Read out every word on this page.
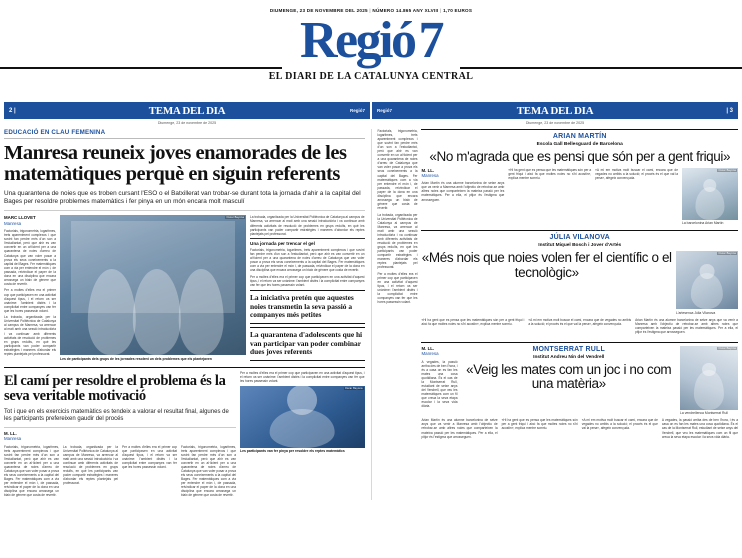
DIUMENGE, 23 DE NOVEMBRE DEL 2025 | NÚMERO 14.865 ANY XLVIII | 1,70 EUROS
Regió 7
EL DIARI DE LA CATALUNYA CENTRAL
2 |	TEMA DEL DIA	Regió7	Regió7	TEMA DEL DIA	| 3
Diumenge, 23 de novembre de 2025	Diumenge, 23 de novembre de 2025
EDUCACIÓ EN CLAU FEMENINA
Manresa reuneix joves enamorades de les matemàtiques perquè en siguin referents
Una quarantena de noies que es troben cursant l'ESO o el Batxillerat van trobar-se durant tota la jornada d'ahir a la capital del Bages per resoldre problemes matemàtics i fer pinya en un món encara molt masculí
MARC LLOVET
Manresa

Factorials, trigonometria, logaritmes, trets aparentment complexos i que sovint fan perdre més d'un son a l'estudiantat, però que ahir es van convertir en un al·licient per a una quarantena de noies d'arreu de Catalunya que van voler posar a prova els seus coneixements a la capital del Bages. Fer matemàtiques com a via per entendre el món i, de passada, reivindicar el paper de la dona en una disciplina que encara arrossega un biaix de gènere que costa de revertir.

Per a moltes d'elles era el primer cop que participaven en una activitat d'aquest tipus, i el retorn va ser unànime: l'ambient distès i la complicitat entre companyes van fer que les hores passessin volant.

La trobada, organitzada per la Universitat Politècnica de Catalunya al campus de Manresa, va arrencar al matí amb una sessió introductòria i va continuar amb diferents activitats de resolució de problemes en grups reduïts, en què les participants van poder compartir estratègies i maneres d'abordar els reptes plantejats pel professorat.

Oscar Bayona
Les de participants dels grups de les jornades resolent un dels problemes que els plantejaven

La trobada, organitzada per la Universitat Politècnica de Catalunya al campus de Manresa, va arrencar al matí amb una sessió introductòria i va continuar amb diferents activitats de resolució de problemes en grups reduïts, en què les participants van poder compartir estratègies i maneres d'abordar els reptes plantejats pel professorat.

Una jornada per trencar el gel

Factorials, trigonometria, logaritmes, trets aparentment complexos i que sovint fan perdre més d'un son a l'estudiantat, però que ahir es van convertir en un al·licient per a una quarantena de noies d'arreu de Catalunya que van voler posar a prova els seus coneixements a la capital del Bages. Fer matemàtiques com a via per entendre el món i, de passada, reivindicar el paper de la dona en una disciplina que encara arrossega un biaix de gènere que costa de revertir.

Per a moltes d'elles era el primer cop que participaven en una activitat d'aquest tipus, i el retorn va ser unànime: l'ambient distès i la complicitat entre companyes van fer que les hores passessin volant.

La iniciativa pretén que aquestes noies transmetin la seva passió a companyes més petites
La quarantena d'adolescents que hi van participar van poder combinar dues joves referents
El camí per resoldre el problema és la seva veritable motivació
Tot i que en els exercicis matemàtics es tendeix a valorar el resultat final, algunes de les participants prefereixen gaudir del procés
M. LL.
Manresa

Factorials, trigonometria, logaritmes, trets aparentment complexos i que sovint fan perdre més d'un son a l'estudiantat, però que ahir es van convertir en un al·licient per a una quarantena de noies d'arreu de Catalunya que van voler posar a prova els seus coneixements a la capital del Bages. Fer matemàtiques com a via per entendre el món i, de passada, reivindicar el paper de la dona en una disciplina que encara arrossega un biaix de gènere que costa de revertir.

La trobada, organitzada per la Universitat Politècnica de Catalunya al campus de Manresa, va arrencar al matí amb una sessió introductòria i va continuar amb diferents activitats de resolució de problemes en grups reduïts, en què les participants van poder compartir estratègies i maneres d'abordar els reptes plantejats pel professorat.

Per a moltes d'elles era el primer cop que participaven en una activitat d'aquest tipus, i el retorn va ser unànime: l'ambient distès i la complicitat entre companyes van fer que les hores passessin volant.

Factorials, trigonometria, logaritmes, trets aparentment complexos i que sovint fan perdre més d'un son a l'estudiantat, però que ahir es van convertir en un al·licient per a una quarantena de noies d'arreu de Catalunya que van voler posar a prova els seus coneixements a la capital del Bages. Fer matemàtiques com a via per entendre el món i, de passada, reivindicar el paper de la dona en una disciplina que encara arrossega un biaix de gènere que costa de revertir.

Per a moltes d'elles era el primer cop que participaven en una activitat d'aquest tipus, i el retorn va ser unànime: l'ambient distès i la complicitat entre companyes van fer que les hores passessin volant.

Oscar Bayona
Les participants van fer pinya per resoldre els reptes matemàtics

Factorials, trigonometria, logaritmes, trets aparentment complexos i que sovint fan perdre més d'un son a l'estudiantat, però que ahir es van convertir en un al·licient per a una quarantena de noies d'arreu de Catalunya que van voler posar a prova els seus coneixements a la capital del Bages. Fer matemàtiques com a via per entendre el món i, de passada, reivindicar el paper de la dona en una disciplina que encara arrossega un biaix de gènere que costa de revertir.

La trobada, organitzada per la Universitat Politècnica de Catalunya al campus de Manresa, va arrencar al matí amb una sessió introductòria i va continuar amb diferents activitats de resolució de problemes en grups reduïts, en què les participants van poder compartir estratègies i maneres d'abordar els reptes plantejats pel professorat.

Per a moltes d'elles era el primer cop que participaven en una activitat d'aquest tipus, i el retorn va ser unànime: l'ambient distès i la complicitat entre companyes van fer que les hores passessin volant.

ARIAN MARTÍN
Escola Gall Bellesguard de Barcelona
«No m'agrada que es pensi que són per a gent friqui»
M. LL.
Manresa

Arian Martín és una alumne barcelonina de setze anys que va venir a Manresa amb l'objectiu de retrobar-se amb altres noies que comparteixen la mateixa passió per les matemàtiques. Per a ella, el pitjor és l'estigma que arrosseguen.

«Hi ha gent que es pensa que les matemàtiques són per a gent friqui i això fa que moltes noies no s'hi acostin», explica mentre somriu.

«A mi em motiva molt buscar el camí, encara que de vegades no arribis a la solució; el procés és el que val la pena», afegeix convençuda.

Oscar Bayona
La barcelonina Arian Martín
JÚLIA VILANOVA
Institut Miquel Bosch i Jover d'Artés
«Més nois que noies volen fer el científic o el tecnològic»
Oscar Bayona
L'artesenca Júlia Vilanova

«Hi ha gent que es pensa que les matemàtiques són per a gent friqui i això fa que moltes noies no s'hi acostin», explica mentre somriu.

«A mi em motiva molt buscar el camí, encara que de vegades no arribis a la solució; el procés és el que val la pena», afegeix convençuda.

Arian Martín és una alumne barcelonina de setze anys que va venir a Manresa amb l'objectiu de retrobar-se amb altres noies que comparteixen la mateixa passió per les matemàtiques. Per a ella, el pitjor és l'estigma que arrosseguen.

M. LL.
Manresa

A vegades, la passió arriba des de ben l'hora, i és a casa on es fan les mates una cosa quotidiana. És el cas de la Montserrat Rull, estudiant de setze anys del Vendrell, que veu les matemàtiques com un fil que creua la seva etapa escolar i la seva vida diària.

MONTSERRAT RULL
Institut Andreu Nin del Vendrell
«Veig les mates com un joc i no com una matèria»
Oscar Bayona
La vendrellenca Montserrat Rull

Arian Martín és una alumne barcelonina de setze anys que va venir a Manresa amb l'objectiu de retrobar-se amb altres noies que comparteixen la mateixa passió per les matemàtiques. Per a ella, el pitjor és l'estigma que arrosseguen.

«Hi ha gent que es pensa que les matemàtiques són per a gent friqui i això fa que moltes noies no s'hi acostin», explica mentre somriu.

«A mi em motiva molt buscar el camí, encara que de vegades no arribis a la solució; el procés és el que val la pena», afegeix convençuda.

A vegades, la passió arriba des de ben l'hora, i és a casa on es fan les mates una cosa quotidiana. És el cas de la Montserrat Rull, estudiant de setze anys del Vendrell, que veu les matemàtiques com un fil que creua la seva etapa escolar i la seva vida diària.
